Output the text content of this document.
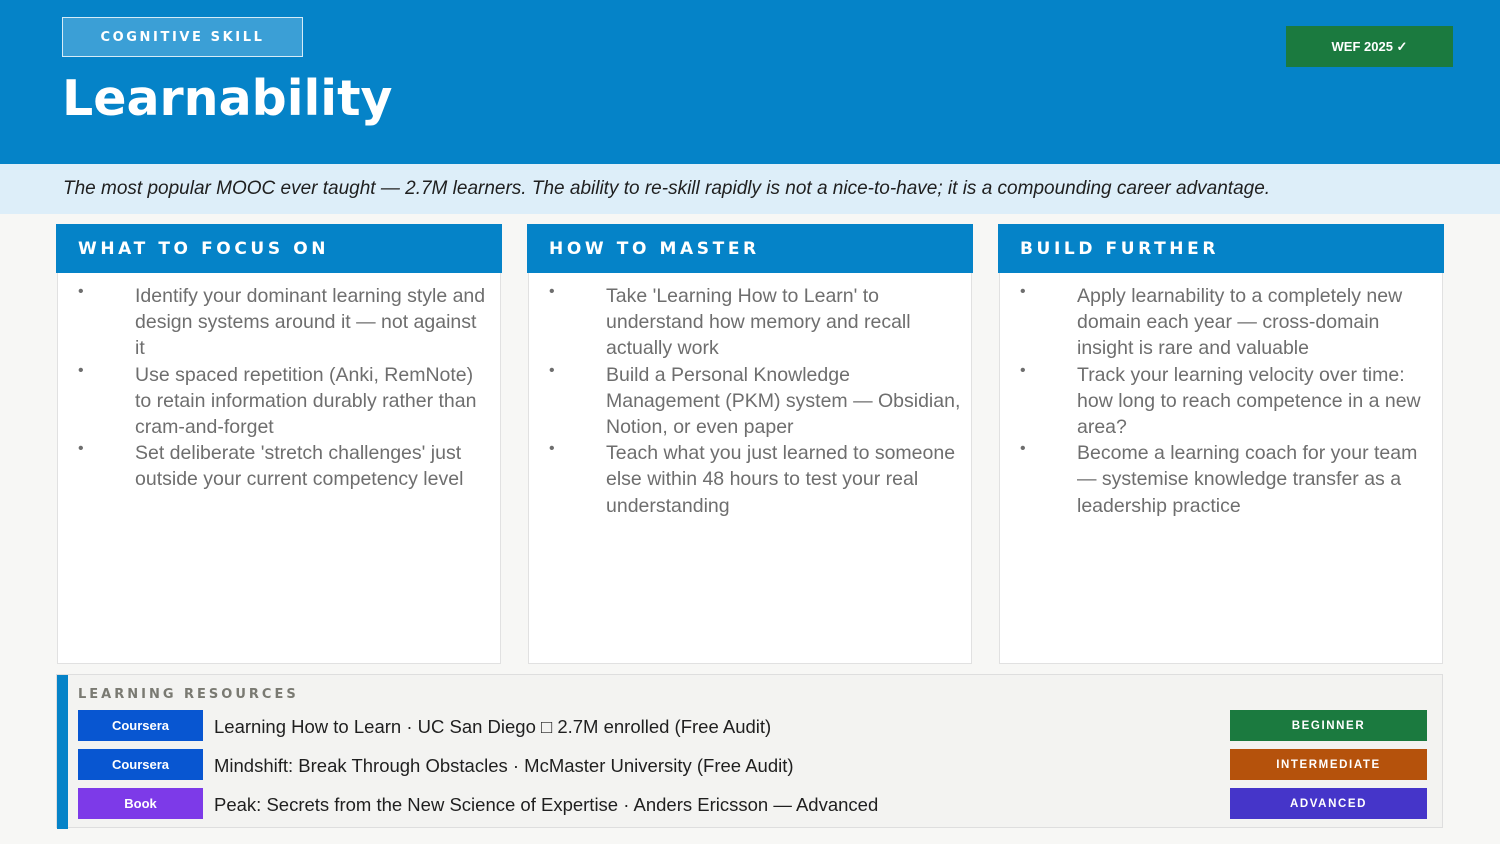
COGNITIVE SKILL
Learnability
WEF 2025 ✓
The most popular MOOC ever taught — 2.7M learners. The ability to re-skill rapidly is not a nice-to-have; it is a compounding career advantage.
WHAT TO FOCUS ON
•	Identify your dominant learning style and design systems around it — not against it
•	Use spaced repetition (Anki, RemNote) to retain information durably rather than cram-and-forget
•	Set deliberate 'stretch challenges' just outside your current competency level
HOW TO MASTER
•	Take 'Learning How to Learn' to understand how memory and recall actually work
•	Build a Personal Knowledge Management (PKM) system — Obsidian, Notion, or even paper
•	Teach what you just learned to someone else within 48 hours to test your real understanding
BUILD FURTHER
•	Apply learnability to a completely new domain each year — cross-domain insight is rare and valuable
•	Track your learning velocity over time: how long to reach competence in a new area?
•	Become a learning coach for your team — systemise knowledge transfer as a leadership practice
LEARNING RESOURCES
Coursera	Learning How to Learn · UC San Diego □ 2.7M enrolled (Free Audit)	BEGINNER
Coursera	Mindshift: Break Through Obstacles · McMaster University (Free Audit)	INTERMEDIATE
Book	Peak: Secrets from the New Science of Expertise · Anders Ericsson — Advanced	ADVANCED
